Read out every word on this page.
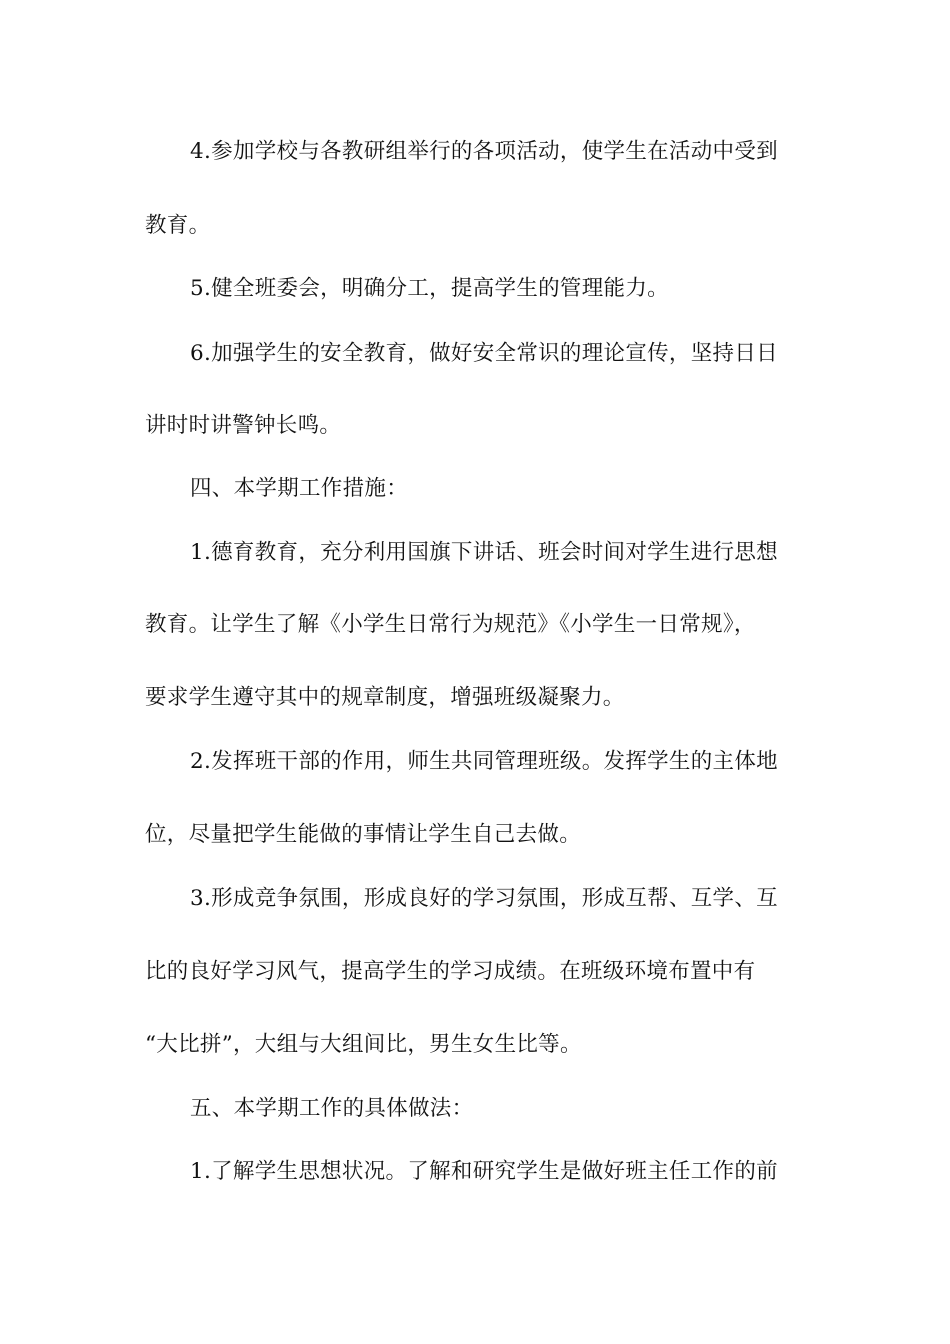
4.参加学校与各教研组举行的各项活动，使学生在活动中受到
教育。
5.健全班委会，明确分工，提高学生的管理能力。
6.加强学生的安全教育，做好安全常识的理论宣传，坚持日日
讲时时讲警钟长鸣。
四、本学期工作措施：
1.德育教育，充分利用国旗下讲话、班会时间对学生进行思想
教育。让学生了解《小学生日常行为规范》《小学生一日常规》，
要求学生遵守其中的规章制度，增强班级凝聚力。
2.发挥班干部的作用，师生共同管理班级。发挥学生的主体地
位，尽量把学生能做的事情让学生自己去做。
3.形成竞争氛围，形成良好的学习氛围，形成互帮、互学、互
比的良好学习风气，提高学生的学习成绩。在班级环境布置中有
“大比拼”，大组与大组间比，男生女生比等。
五、本学期工作的具体做法：
1.了解学生思想状况。了解和研究学生是做好班主任工作的前
